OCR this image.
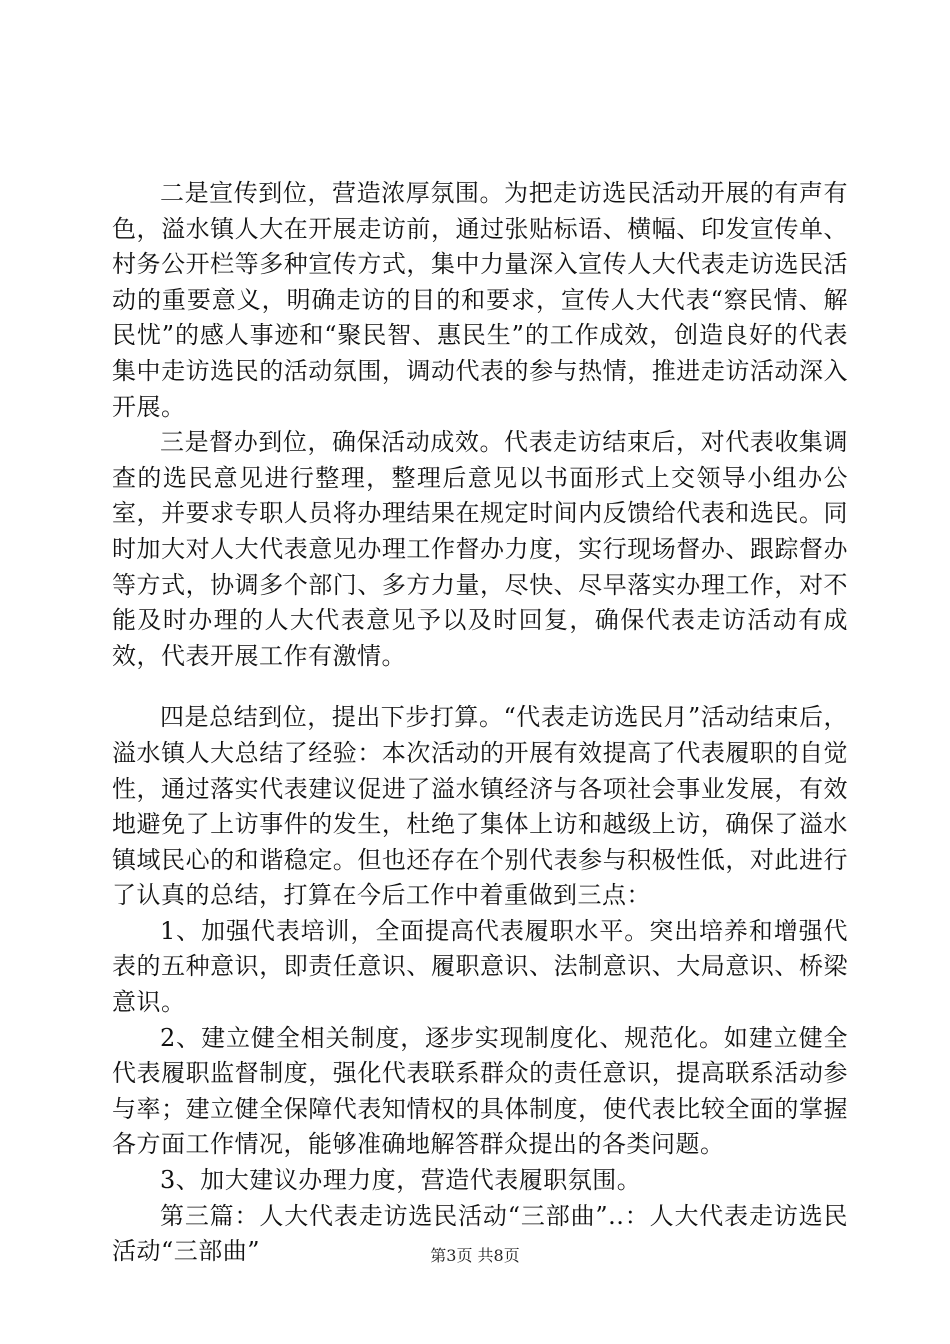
二是宣传到位，营造浓厚氛围。为把走访选民活动开展的有声有色，溢水镇人大在开展走访前，通过张贴标语、横幅、印发宣传单、村务公开栏等多种宣传方式，集中力量深入宣传人大代表走访选民活动的重要意义，明确走访的目的和要求，宣传人大代表“察民情、解民忧”的感人事迹和“聚民智、惠民生”的工作成效，创造良好的代表集中走访选民的活动氛围，调动代表的参与热情，推进走访活动深入开展。

三是督办到位，确保活动成效。代表走访结束后，对代表收集调查的选民意见进行整理，整理后意见以书面形式上交领导小组办公室，并要求专职人员将办理结果在规定时间内反馈给代表和选民。同时加大对人大代表意见办理工作督办力度，实行现场督办、跟踪督办等方式，协调多个部门、多方力量，尽快、尽早落实办理工作，对不能及时办理的人大代表意见予以及时回复，确保代表走访活动有成效，代表开展工作有激情。

四是总结到位，提出下步打算。“代表走访选民月”活动结束后，溢水镇人大总结了经验：本次活动的开展有效提高了代表履职的自觉性，通过落实代表建议促进了溢水镇经济与各项社会事业发展，有效地避免了上访事件的发生，杜绝了集体上访和越级上访，确保了溢水镇域民心的和谐稳定。但也还存在个别代表参与积极性低，对此进行了认真的总结，打算在今后工作中着重做到三点：

1、加强代表培训，全面提高代表履职水平。突出培养和增强代表的五种意识，即责任意识、履职意识、法制意识、大局意识、桥梁意识。

2、建立健全相关制度，逐步实现制度化、规范化。如建立健全代表履职监督制度，强化代表联系群众的责任意识，提高联系活动参与率；建立健全保障代表知情权的具体制度，使代表比较全面的掌握各方面工作情况，能够准确地解答群众提出的各类问题。

3、加大建议办理力度，营造代表履职氛围。

第三篇：人大代表走访选民活动“三部曲”..：人大代表走访选民活动“三部曲”	第3页 共8页
